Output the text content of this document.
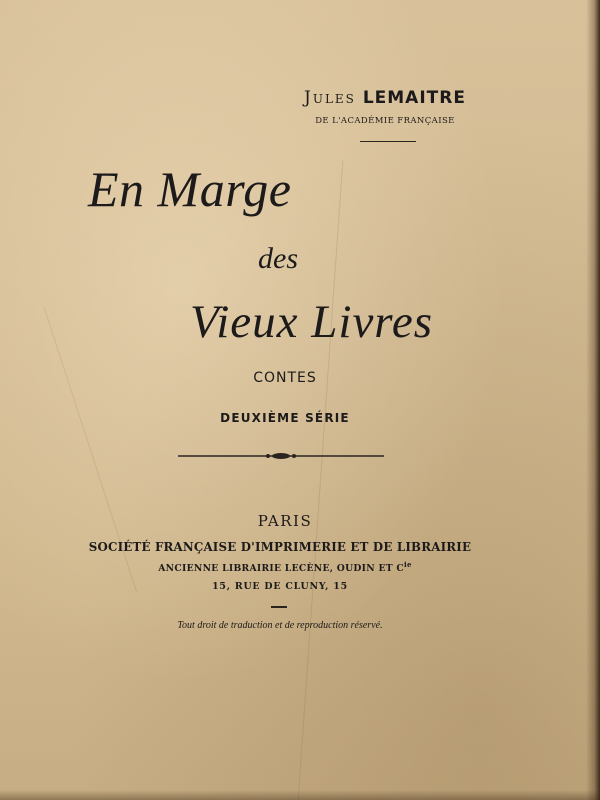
Jules LEMAITRE
DE L'ACADÉMIE FRANÇAISE
En Marge
des
Vieux Livres
CONTES
DEUXIÈME SÉRIE
PARIS
SOCIÉTÉ FRANÇAISE D'IMPRIMERIE ET DE LIBRAIRIE
ANCIENNE LIBRAIRIE LECÈNE, OUDIN ET $C^{ie}$
15, RUE DE CLUNY, 15
Tout droit de traduction et de reproduction réservé.
